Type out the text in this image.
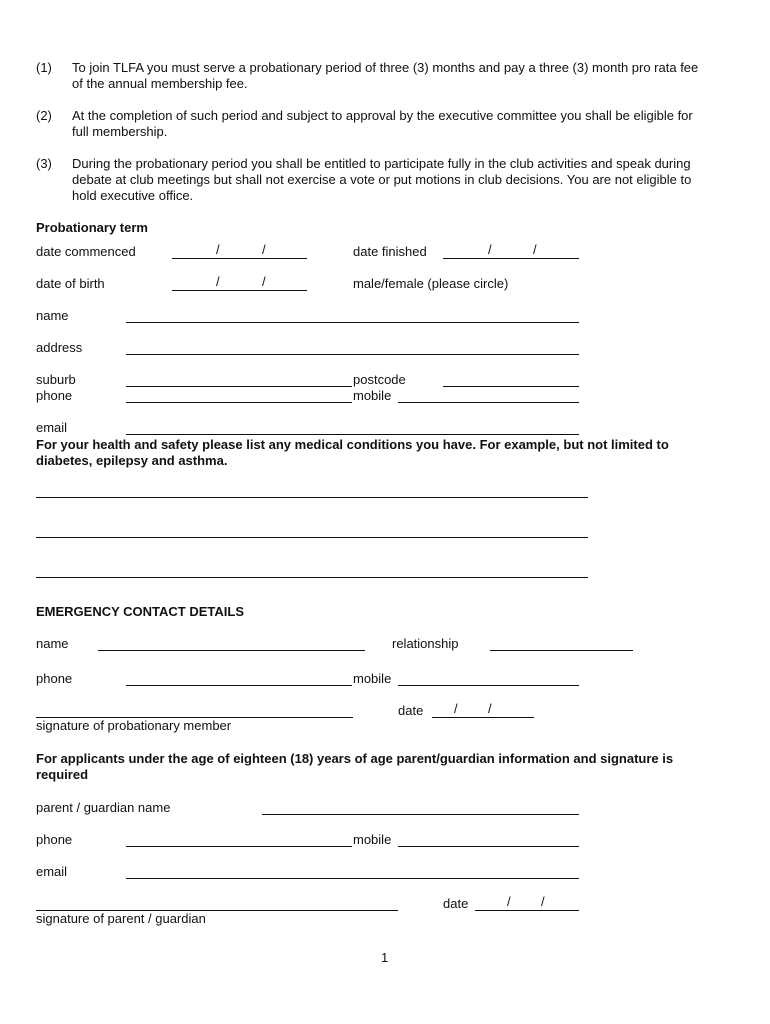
(1) To join TLFA you must serve a probationary period of three (3) months and pay a three (3) month pro rata fee of the annual membership fee.
(2) At the completion of such period and subject to approval by the executive committee you shall be eligible for full membership.
(3) During the probationary period you shall be entitled to participate fully in the club activities and speak during debate at club meetings but shall not exercise a vote or put motions in club decisions. You are not eligible to hold executive office.
Probationary term
date commenced	/	/	date finished	/	/
date of birth	/	/	male/female (please circle)
name
address
suburb	postcode
phone	mobile
email
For your health and safety please list any medical conditions you have. For example, but not limited to diabetes, epilepsy and asthma.
EMERGENCY CONTACT DETAILS
name	relationship
phone	mobile
date / /
signature of probationary member
For applicants under the age of eighteen (18) years of age parent/guardian information and signature is required
parent / guardian name
phone	mobile
email
date	/ /
signature of parent / guardian
1
